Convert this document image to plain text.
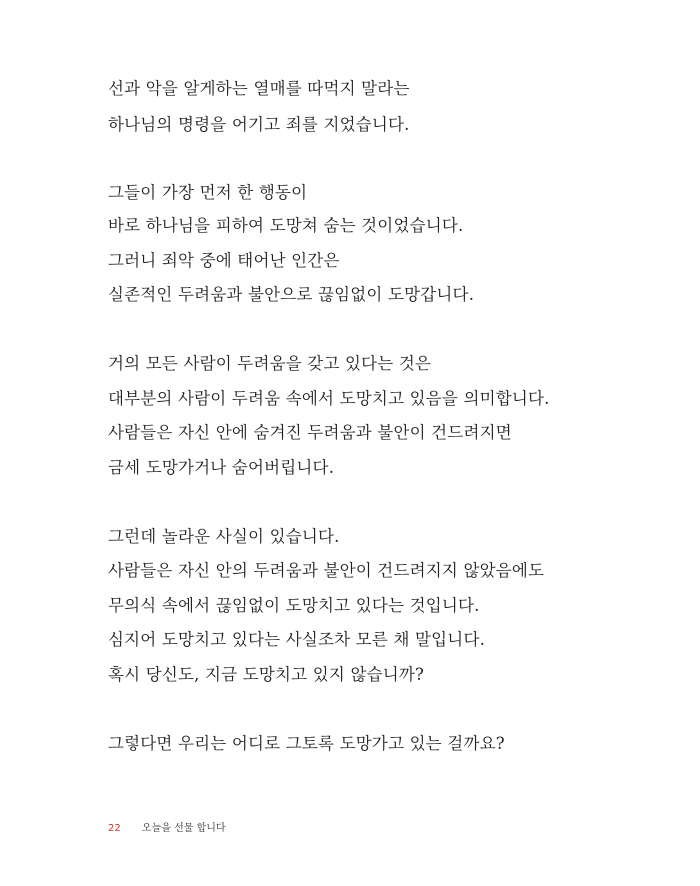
선과 악을 알게하는 열매를 따먹지 말라는
하나님의 명령을 어기고 죄를 지었습니다.
그들이 가장 먼저 한 행동이
바로 하나님을 피하여 도망쳐 숨는 것이었습니다.
그러니 죄악 중에 태어난 인간은
실존적인 두려움과 불안으로 끊임없이 도망갑니다.
거의 모든 사람이 두려움을 갖고 있다는 것은
대부분의 사람이 두려움 속에서 도망치고 있음을 의미합니다.
사람들은 자신 안에 숨겨진 두려움과 불안이 건드려지면
금세 도망가거나 숨어버립니다.
그런데 놀라운 사실이 있습니다.
사람들은 자신 안의 두려움과 불안이 건드려지지 않았음에도
무의식 속에서 끊임없이 도망치고 있다는 것입니다.
심지어 도망치고 있다는 사실조차 모른 채 말입니다.
혹시 당신도, 지금 도망치고 있지 않습니까?
그렇다면 우리는 어디로 그토록 도망가고 있는 걸까요?
22 오늘을 선물 합니다
